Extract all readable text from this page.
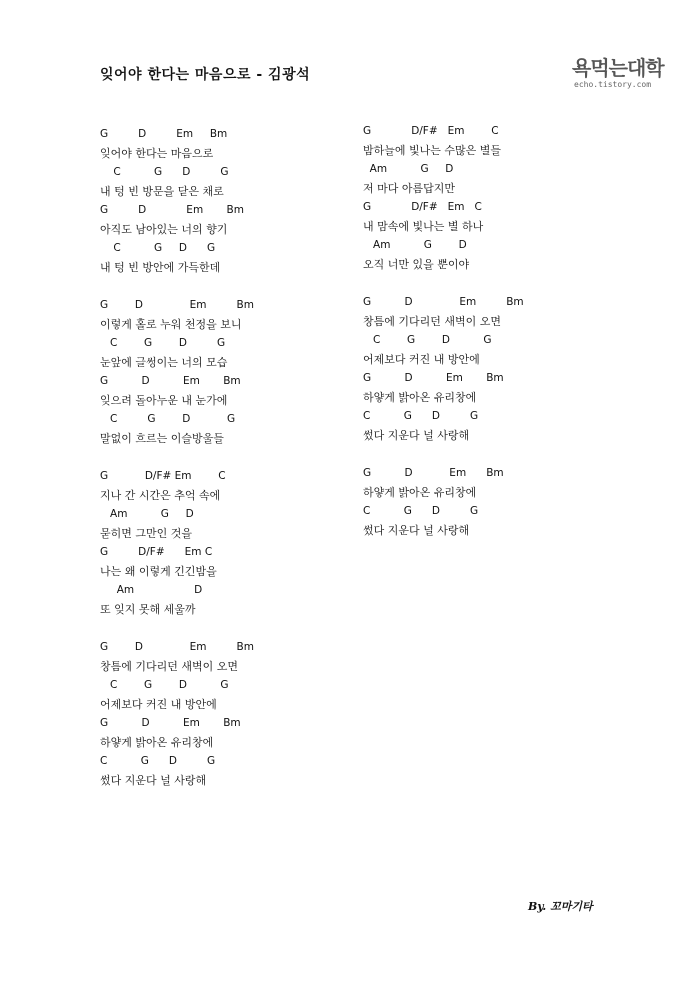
잊어야 한다는 마음으로 - 김광석	욕먹는대학
echo.tistory.com
G         D         Em     Bm
잊어야 한다는 마음으로
C          G      D         G
내 텅 빈 방문을 닫은 채로
G         D            Em       Bm
아직도 남아있는 너의 향기
C          G     D      G
내 텅 빈 방안에 가득한데
G        D              Em         Bm
이렇게 홀로 누워 천정을 보니
C        G        D         G
눈앞에 글썽이는 너의 모습
G          D          Em       Bm
잊으려 돌아누운 내 눈가에
C         G        D           G
말없이 흐르는 이슬방울들
G           D/F# Em        C
지나 간 시간은 추억 속에
Am          G     D
묻히면 그만인 것을
G         D/F#      Em C
나는 왜 이렇게 긴긴밤을
Am                  D
또 잊지 못해 세울까
G        D              Em         Bm
창틈에 기다리던 새벽이 오면
C        G        D          G
어제보다 커진 내 방안에
G          D          Em       Bm
하얗게 밝아온 유리창에
C          G      D         G
썼다 지운다 널 사랑해
G            D/F#   Em        C
밤하늘에 빛나는 수많은 별들
Am          G     D
저 마다 아름답지만
G            D/F#   Em   C
내 맘속에 빛나는 별 하나
Am          G        D
오직 너만 있을 뿐이야
G          D              Em         Bm
창틈에 기다리던 새벽이 오면
C        G        D          G
어제보다 커진 내 방안에
G          D          Em       Bm
하얗게 밝아온 유리창에
C          G      D         G
썼다 지운다 널 사랑해
G          D           Em      Bm
하얗게 밝아온 유리창에
C          G      D         G
썼다 지운다 널 사랑해
By. 꼬마기타
